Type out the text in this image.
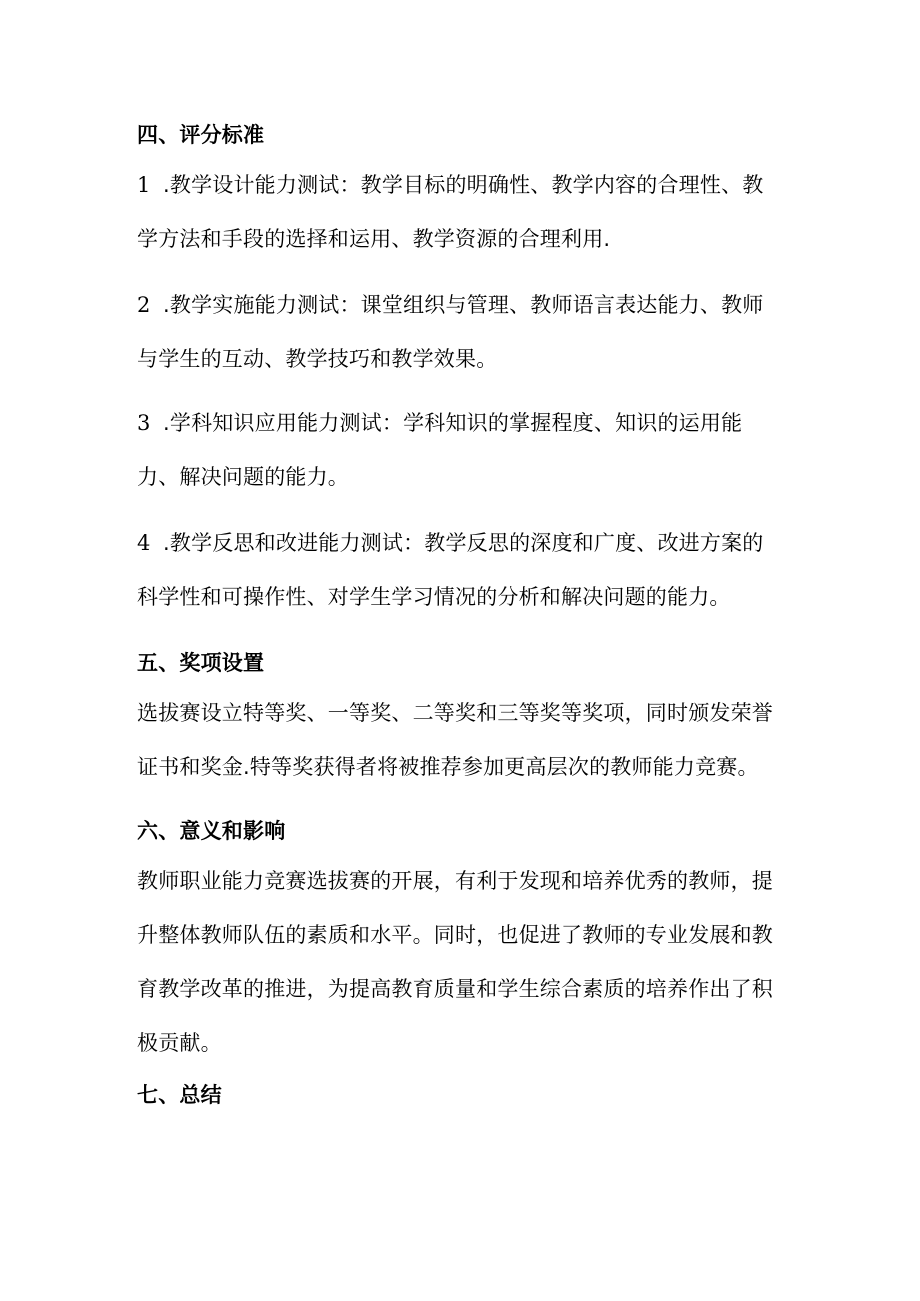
四、评分标准
1 .教学设计能力测试：教学目标的明确性、教学内容的合理性、教
学方法和手段的选择和运用、教学资源的合理利用.
2 .教学实施能力测试：课堂组织与管理、教师语言表达能力、教师
与学生的互动、教学技巧和教学效果。
3 .学科知识应用能力测试：学科知识的掌握程度、知识的运用能
力、解决问题的能力。
4 .教学反思和改进能力测试：教学反思的深度和广度、改进方案的
科学性和可操作性、对学生学习情况的分析和解决问题的能力。
五、奖项设置
选拔赛设立特等奖、一等奖、二等奖和三等奖等奖项，同时颁发荣誉
证书和奖金.特等奖获得者将被推荐参加更高层次的教师能力竞赛。
六、意义和影响
教师职业能力竞赛选拔赛的开展，有利于发现和培养优秀的教师，提
升整体教师队伍的素质和水平。同时，也促进了教师的专业发展和教
育教学改革的推进，为提高教育质量和学生综合素质的培养作出了积
极贡献。
七、总结
